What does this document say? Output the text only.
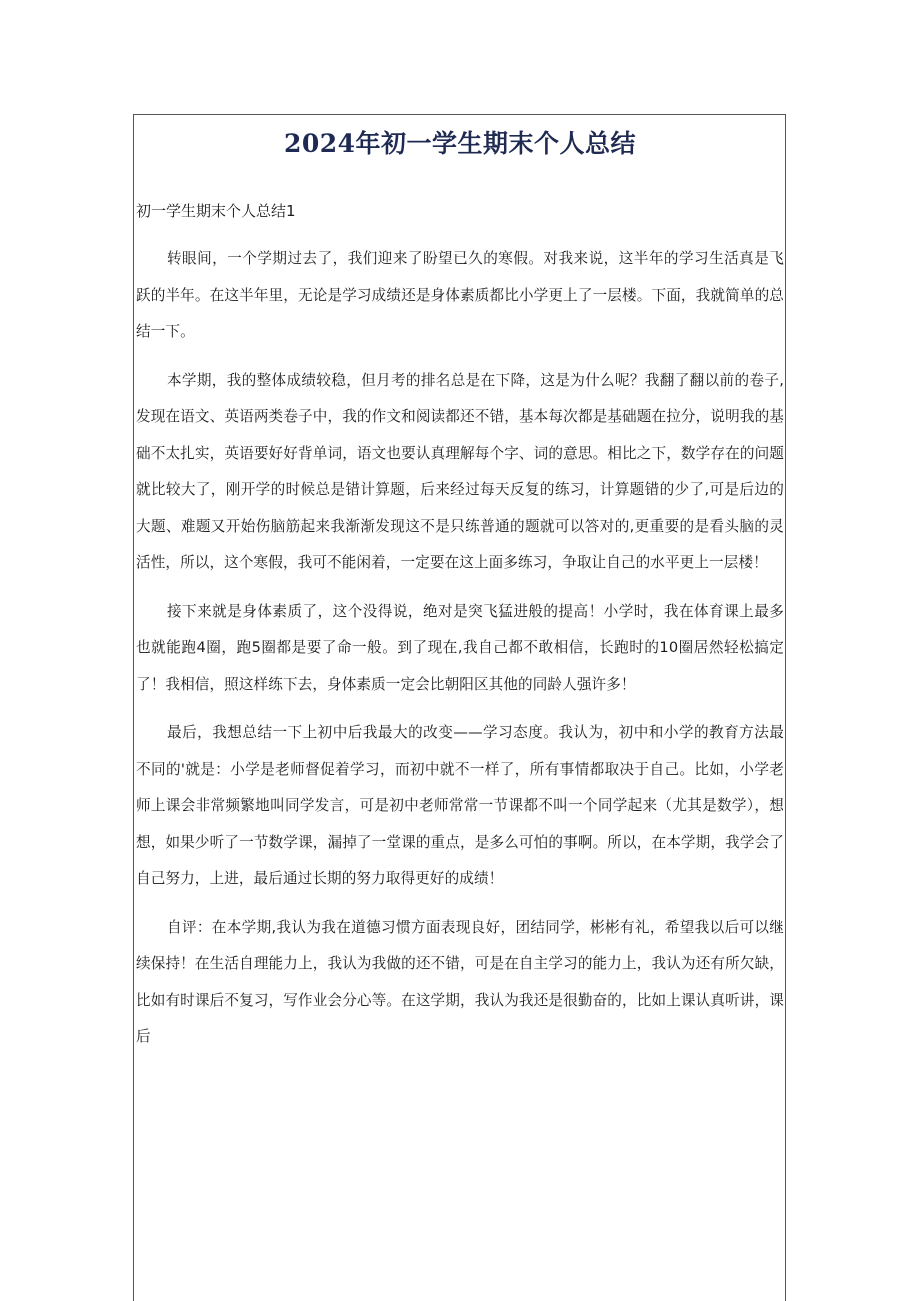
2024年初一学生期末个人总结

初一学生期末个人总结1

转眼间，一个学期过去了，我们迎来了盼望已久的寒假。对我来说，这半年的学习生活真是飞跃的半年。在这半年里，无论是学习成绩还是身体素质都比小学更上了一层楼。下面，我就简单的总结一下。

本学期，我的整体成绩较稳，但月考的排名总是在下降，这是为什么呢？我翻了翻以前的卷子,发现在语文、英语两类卷子中，我的作文和阅读都还不错，基本每次都是基础题在拉分，说明我的基础不太扎实，英语要好好背单词，语文也要认真理解每个字、词的意思。相比之下，数学存在的问题就比较大了，刚开学的时候总是错计算题，后来经过每天反复的练习，计算题错的少了,可是后边的大题、难题又开始伤脑筋起来我渐渐发现这不是只练普通的题就可以答对的,更重要的是看头脑的灵活性，所以，这个寒假，我可不能闲着，一定要在这上面多练习，争取让自己的水平更上一层楼！

接下来就是身体素质了，这个没得说，绝对是突飞猛进般的提高！小学时，我在体育课上最多也就能跑4圈，跑5圈都是要了命一般。到了现在,我自己都不敢相信，长跑时的10圈居然轻松搞定了！我相信，照这样练下去，身体素质一定会比朝阳区其他的同龄人强许多！

最后，我想总结一下上初中后我最大的改变——学习态度。我认为，初中和小学的教育方法最不同的'就是：小学是老师督促着学习，而初中就不一样了，所有事情都取决于自己。比如，小学老师上课会非常频繁地叫同学发言，可是初中老师常常一节课都不叫一个同学起来（尤其是数学），想想，如果少听了一节数学课，漏掉了一堂课的重点，是多么可怕的事啊。所以，在本学期，我学会了自己努力，上进，最后通过长期的努力取得更好的成绩！

自评：在本学期,我认为我在道德习惯方面表现良好，团结同学，彬彬有礼，希望我以后可以继续保持！在生活自理能力上，我认为我做的还不错，可是在自主学习的能力上，我认为还有所欠缺，比如有时课后不复习，写作业会分心等。在这学期，我认为我还是很勤奋的，比如上课认真听讲，课后
